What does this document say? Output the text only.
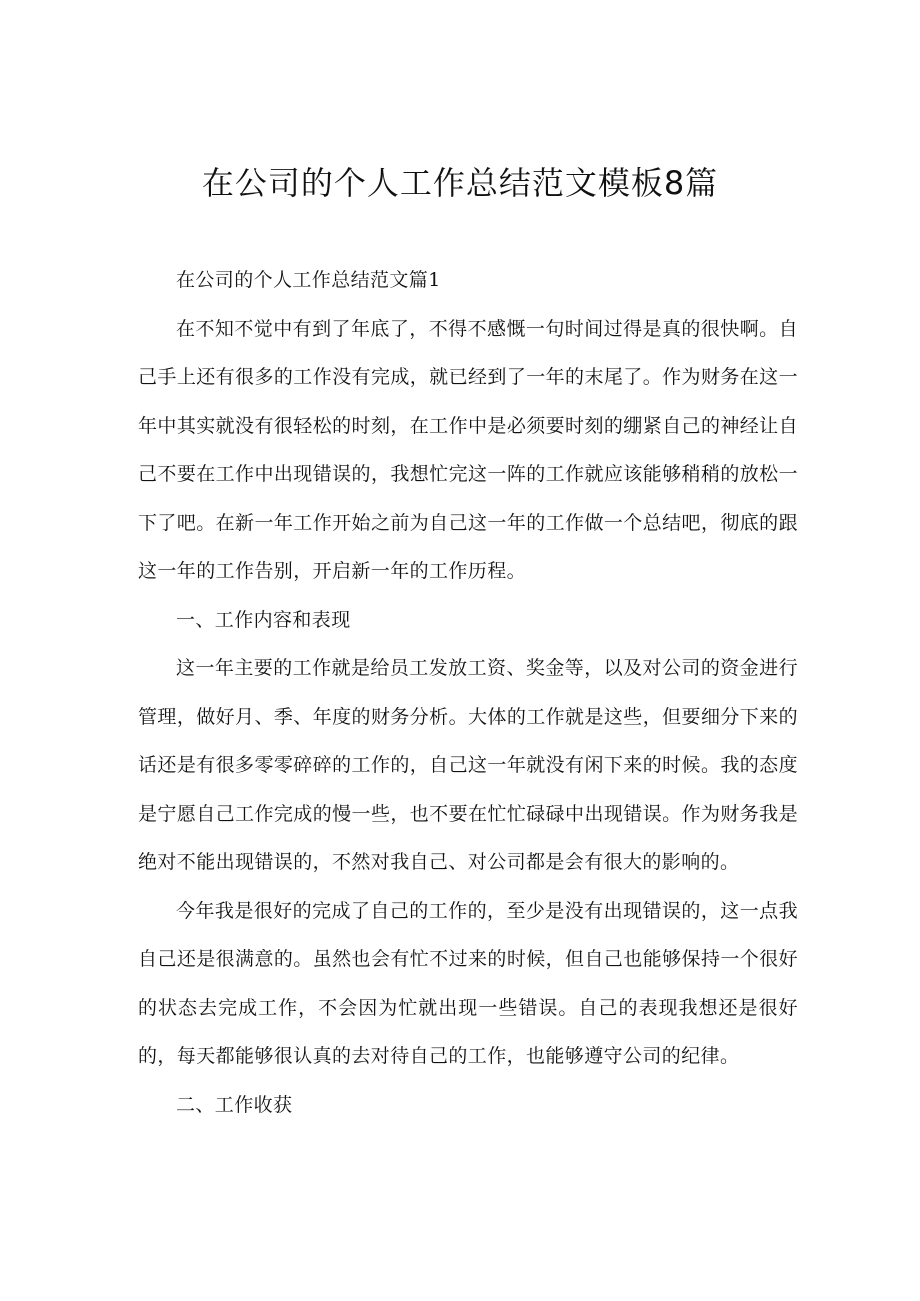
在公司的个人工作总结范文模板8篇

在公司的个人工作总结范文篇1

在不知不觉中有到了年底了，不得不感慨一句时间过得是真的很快啊。自己手上还有很多的工作没有完成，就已经到了一年的末尾了。作为财务在这一年中其实就没有很轻松的时刻，在工作中是必须要时刻的绷紧自己的神经让自己不要在工作中出现错误的，我想忙完这一阵的工作就应该能够稍稍的放松一下了吧。在新一年工作开始之前为自己这一年的工作做一个总结吧，彻底的跟这一年的工作告别，开启新一年的工作历程。

一、工作内容和表现

这一年主要的工作就是给员工发放工资、奖金等，以及对公司的资金进行管理，做好月、季、年度的财务分析。大体的工作就是这些，但要细分下来的话还是有很多零零碎碎的工作的，自己这一年就没有闲下来的时候。我的态度是宁愿自己工作完成的慢一些，也不要在忙忙碌碌中出现错误。作为财务我是绝对不能出现错误的，不然对我自己、对公司都是会有很大的影响的。

今年我是很好的完成了自己的工作的，至少是没有出现错误的，这一点我自己还是很满意的。虽然也会有忙不过来的时候，但自己也能够保持一个很好的状态去完成工作，不会因为忙就出现一些错误。自己的表现我想还是很好的，每天都能够很认真的去对待自己的工作，也能够遵守公司的纪律。

二、工作收获
